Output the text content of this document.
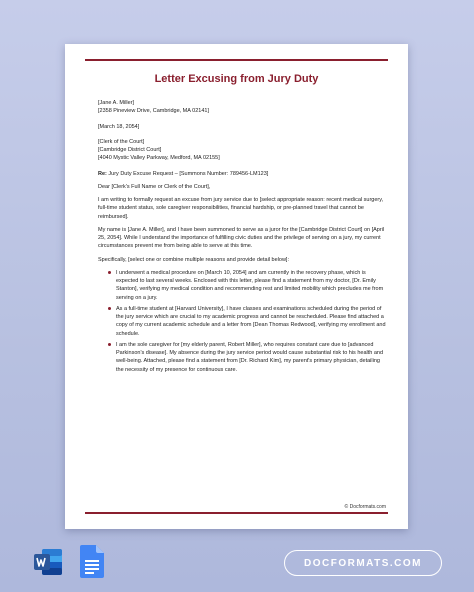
Letter Excusing from Jury Duty

[Jane A. Miller]

[2358 Pineview Drive, Cambridge, MA 02141]

[March 18, 2054]

[Clerk of the Court]

[Cambridge District Court]

[4040 Mystic Valley Parkway, Medford, MA 02155]

Re: Jury Duty Excuse Request – [Summons Number: 789456-LM123]

Dear [Clerk's Full Name or Clerk of the Court],

I am writing to formally request an excuse from jury service due to [select appropriate reason: recent medical surgery, full-time student status, sole caregiver responsibilities, financial hardship, or pre-planned travel that cannot be reimbursed].

My name is [Jane A. Miller], and I have been summoned to serve as a juror for the [Cambridge District Court] on [April 25, 2054]. While I understand the importance of fulfilling civic duties and the privilege of serving on a jury, my current circumstances prevent me from being able to serve at this time.

Specifically, [select one or combine multiple reasons and provide detail below]:

I underwent a medical procedure on [March 10, 2054] and am currently in the recovery phase, which is expected to last several weeks. Enclosed with this letter, please find a statement from my doctor, [Dr. Emily Stanton], verifying my medical condition and recommending rest and limited mobility which precludes me from serving on a jury.
As a full-time student at [Harvard University], I have classes and examinations scheduled during the period of the jury service which are crucial to my academic progress and cannot be rescheduled. Please find attached a copy of my current academic schedule and a letter from [Dean Thomas Redwood], verifying my enrollment and schedule.
I am the sole caregiver for [my elderly parent, Robert Miller], who requires constant care due to [advanced Parkinson's disease]. My absence during the jury service period would cause substantial risk to his health and well-being. Attached, please find a statement from [Dr. Richard Kim], my parent's primary physician, detailing the necessity of my presence for continuous care.
© Docformats.com
DOCFORMATS.COM
